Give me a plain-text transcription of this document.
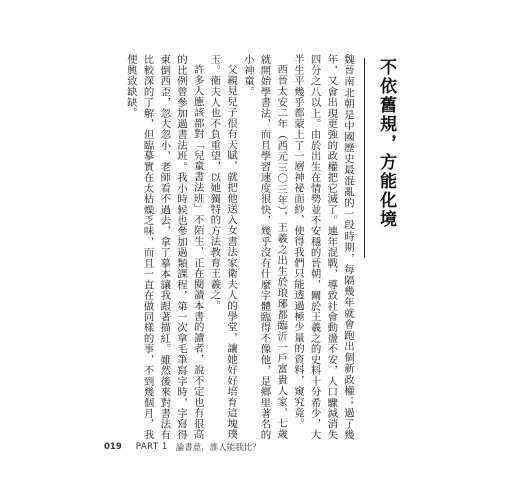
不依舊規，方能化境

魏晉南北朝是中國歷史最混亂的一段時期，每隔幾年就會跑出個新政權；過了幾年，又會出現更強的政權把它滅了。連年混戰，導致社會動盪不安，人口驟減消失四分之八以上。由於出生在情勢並不安穩的晉朝，關於王羲之的史料十分希少，大半生平幾乎都蒙上了一層神祕面紗，使得我們只能透過極少量的資料，窺究竟。

西晉太安二年（西元三〇三年），王羲之出生於琅琊都臨沂一戶富貴人家，七歲就開始學書法，而且學習速度很快，幾乎沒有什麼字體臨得不像他，是鄉里著名的小神童。

父親見兒子很有天賦，就把他送入女書法家衛夫人的學堂，讓她好好培育這塊璞玉。衛夫人也不負重望，以她獨特的方法教育王羲之。

許多人應該都對「兒童書法班」不陌生，正在閱讀本書的讀者，說不定也有很高的比例曾參加過書法班。我小時候也參加過類課程，第一次拿毛筆寫字時，字寫得東倒西歪，忽大忽小，老師看不過去，拿了摹本讓我跟著描紅。雖然後來對書法有比較深的了解，但臨摹實在太枯燥乏味，而且一直在做同樣的事，不到幾個月，我便興致缺缺。

019 PART 1 論書意，誰人能我比？
